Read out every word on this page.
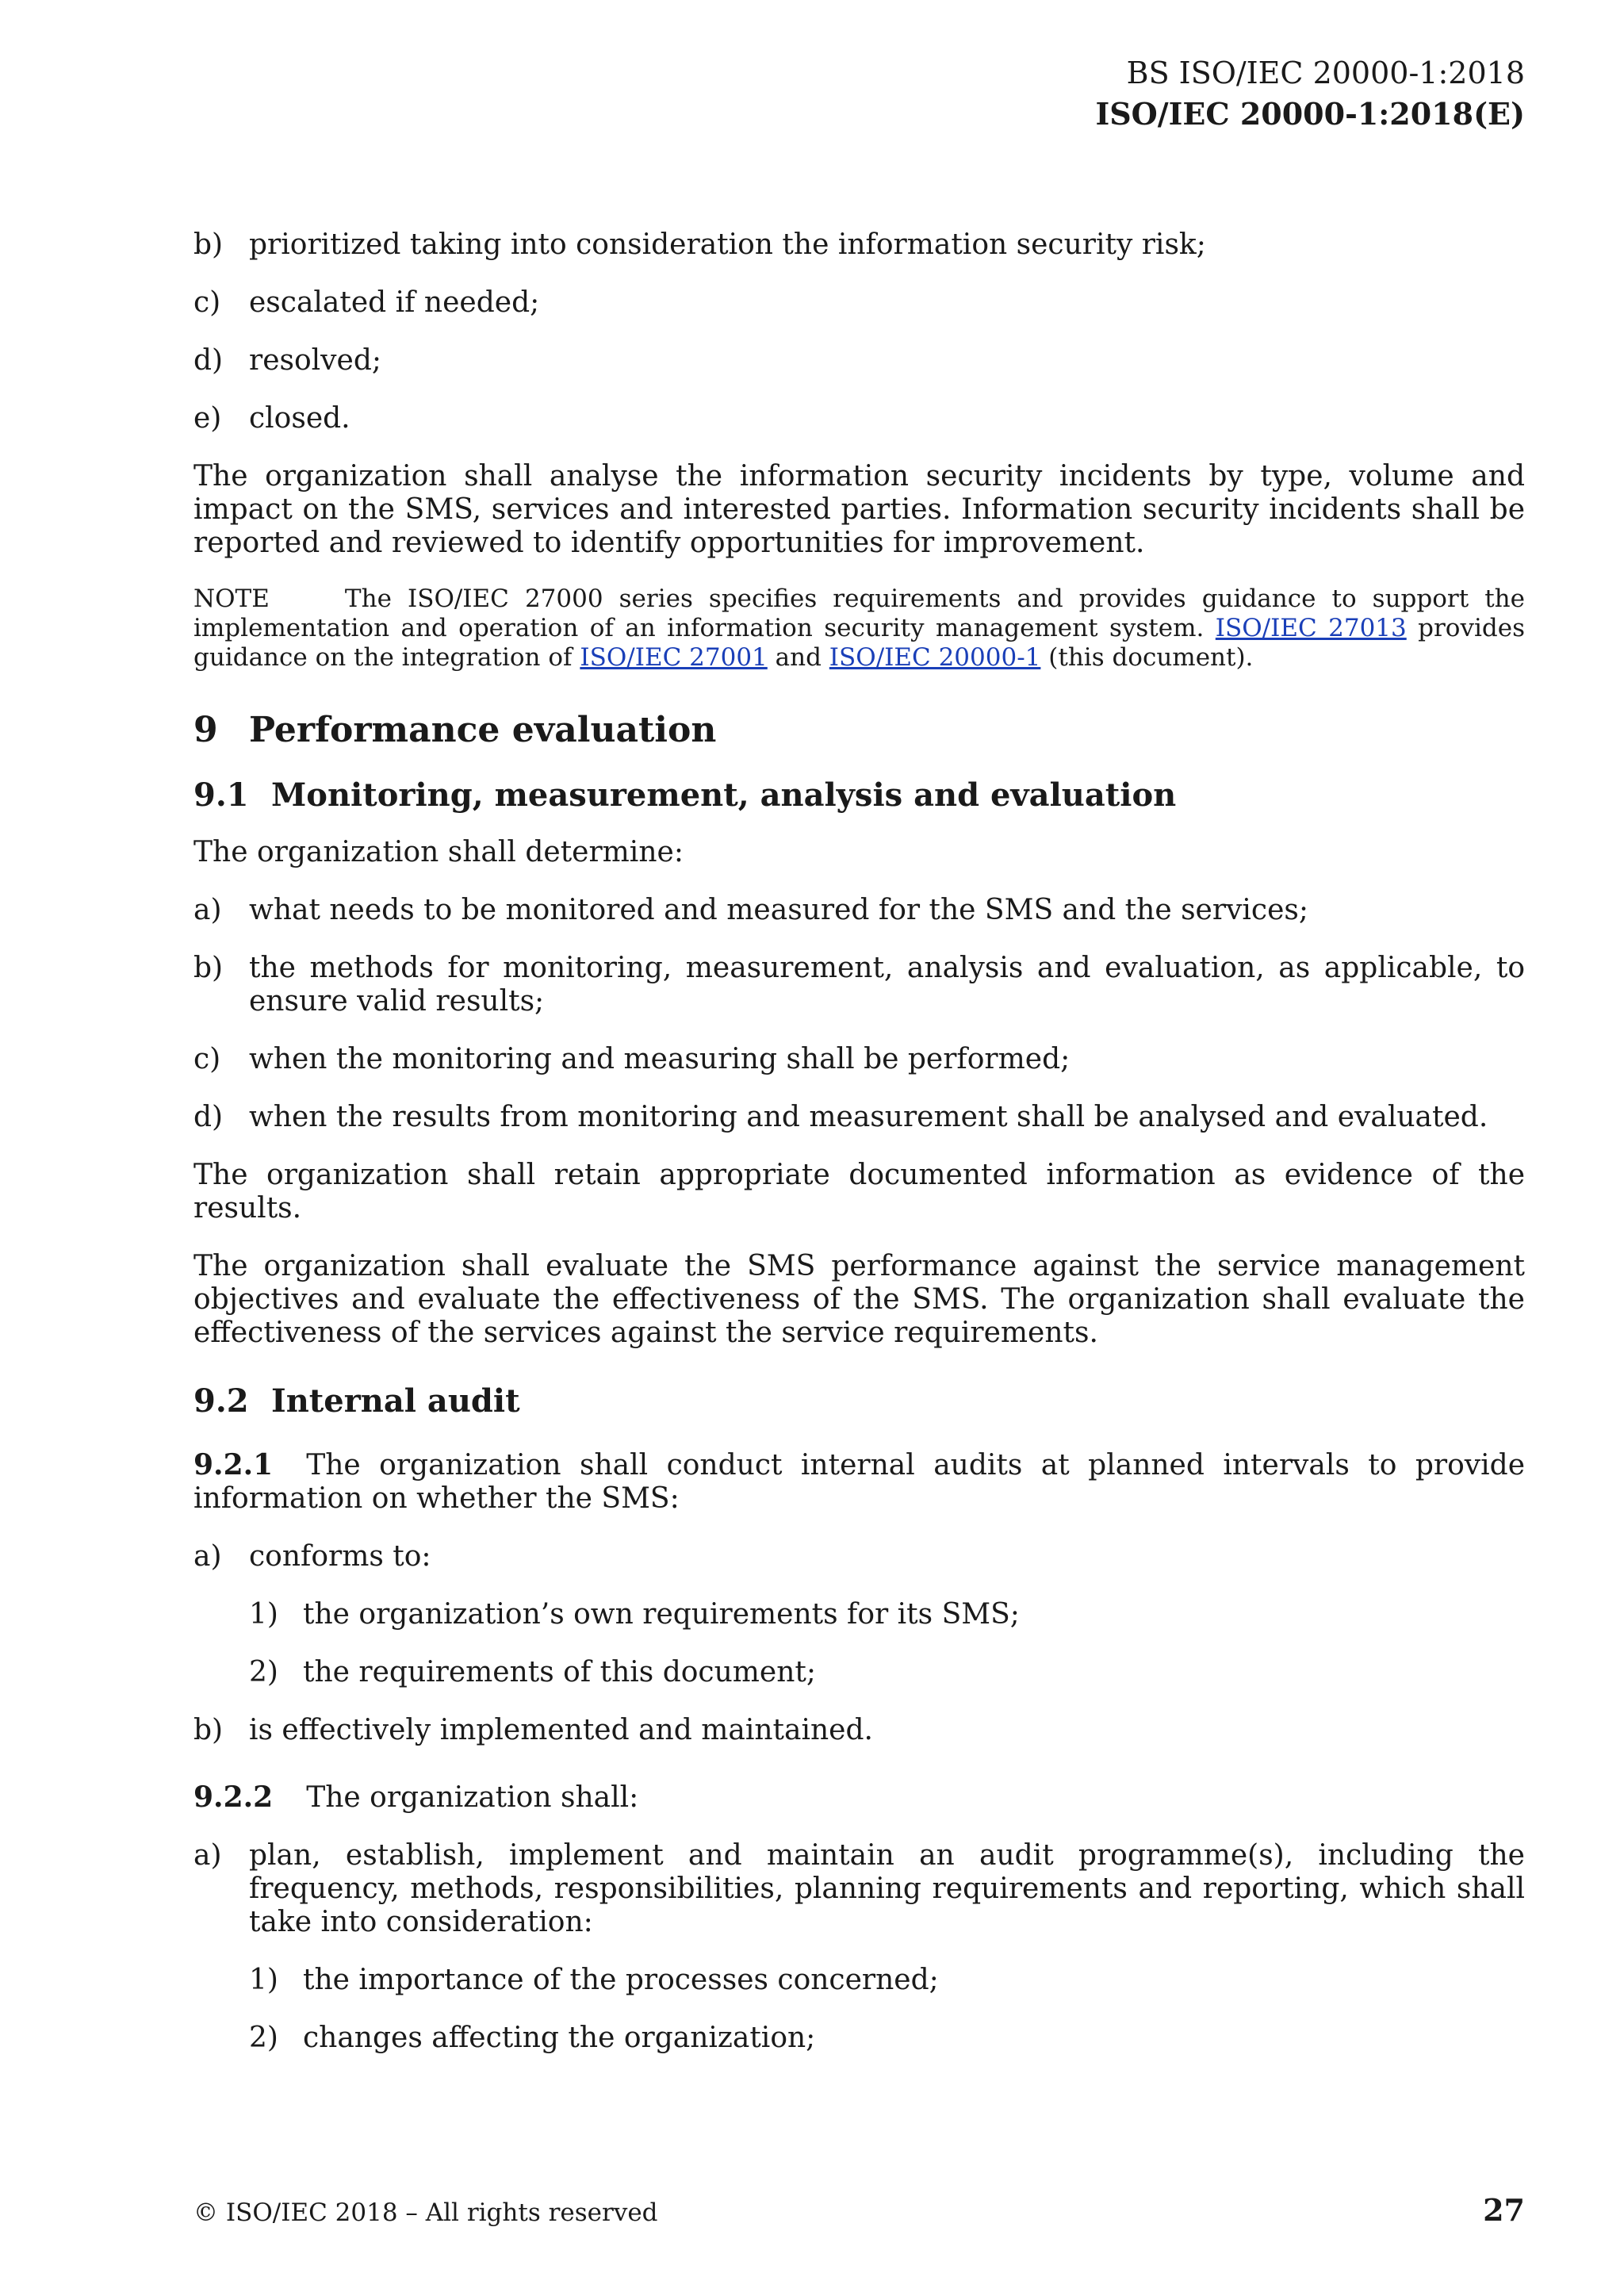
BS ISO/IEC 20000-1:2018
ISO/IEC 20000-1:2018(E)
b) prioritized taking into consideration the information security risk;
c) escalated if needed;
d) resolved;
e) closed.
The organization shall analyse the information security incidents by type, volume and impact on the SMS, services and interested parties. Information security incidents shall be reported and reviewed to identify opportunities for improvement.
NOTE	The ISO/IEC 27000 series specifies requirements and provides guidance to support the implementation and operation of an information security management system. ISO/IEC 27013 provides guidance on the integration of ISO/IEC 27001 and ISO/IEC 20000-1 (this document).
9 Performance evaluation
9.1 Monitoring, measurement, analysis and evaluation
The organization shall determine:
a) what needs to be monitored and measured for the SMS and the services;
b) the methods for monitoring, measurement, analysis and evaluation, as applicable, to ensure valid results;
c) when the monitoring and measuring shall be performed;
d) when the results from monitoring and measurement shall be analysed and evaluated.
The organization shall retain appropriate documented information as evidence of the results.
The organization shall evaluate the SMS performance against the service management objectives and evaluate the effectiveness of the SMS. The organization shall evaluate the effectiveness of the services against the service requirements.
9.2 Internal audit
9.2.1 The organization shall conduct internal audits at planned intervals to provide information on whether the SMS:
a) conforms to:
1) the organization’s own requirements for its SMS;
2) the requirements of this document;
b) is effectively implemented and maintained.
9.2.2 The organization shall:
a) plan, establish, implement and maintain an audit programme(s), including the frequency, methods, responsibilities, planning requirements and reporting, which shall take into consideration:
1) the importance of the processes concerned;
2) changes affecting the organization;
© ISO/IEC 2018 – All rights reserved	27
